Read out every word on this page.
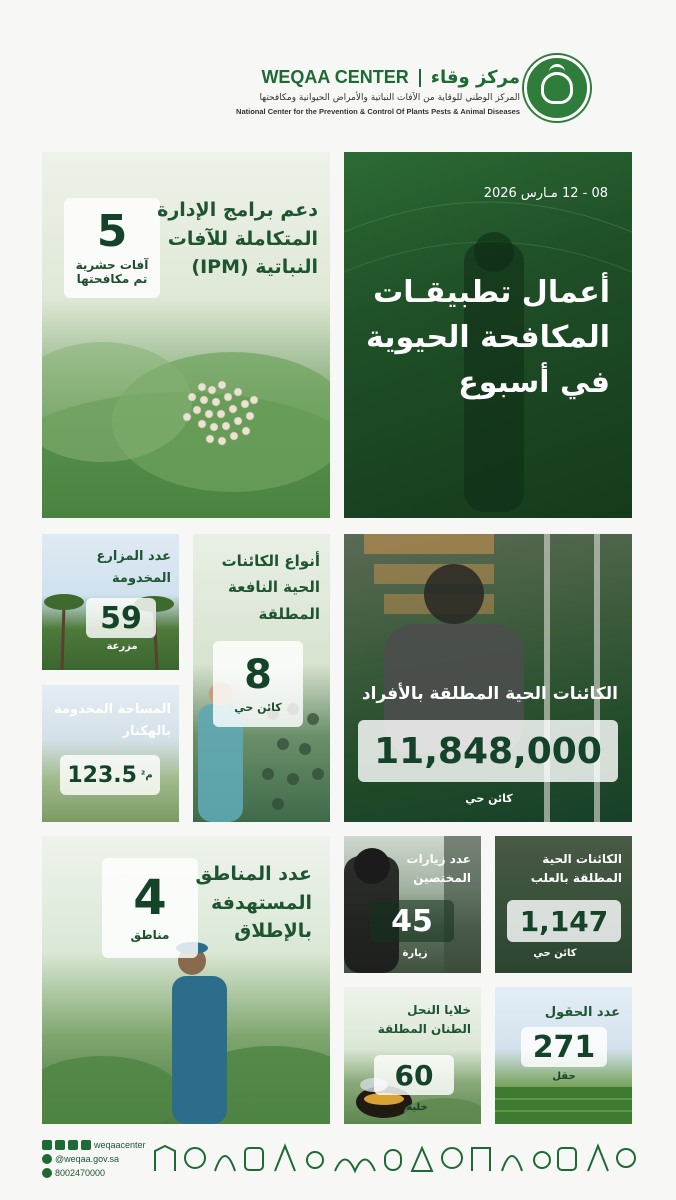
WEQAA CENTER مركز وقاء
المركز الوطني للوقاية من الآفات النباتية والأمراض الحيوانية ومكافحتها
National Center for the Prevention & Control Of Plants Pests & Animal Diseases
5
آفات حشرية
تم مكافحتها
دعم برامج الإدارة
المتكاملة للآفات
النباتية (IPM)
08 - 12 مـارس 2026
أعمال تطبيقـات
المكافحة الحيوية
في أسبوع
عدد المزارع
المخدومة
59
مزرعة
أنواع الكائنات
الحية النافعة
المطلقة
8
كائن حي
المساحة المخدومة
بالهكتار
123.5 م²
الكائنات الحية المطلقة بالأفراد
11,848,000
كائن حي
4
مناطق
عدد المناطق
المستهدفة
بالإطلاق
عدد زيارات
المختصين
45
زيارة
الكائنات الحية
المطلقة بالعلب
1,147
كائن حي
خلايا النحل
الطنان المطلقة
60
خلية
عدد الحقول
271
حقل
weqaacenter
@weqaa.gov.sa
8002470000
